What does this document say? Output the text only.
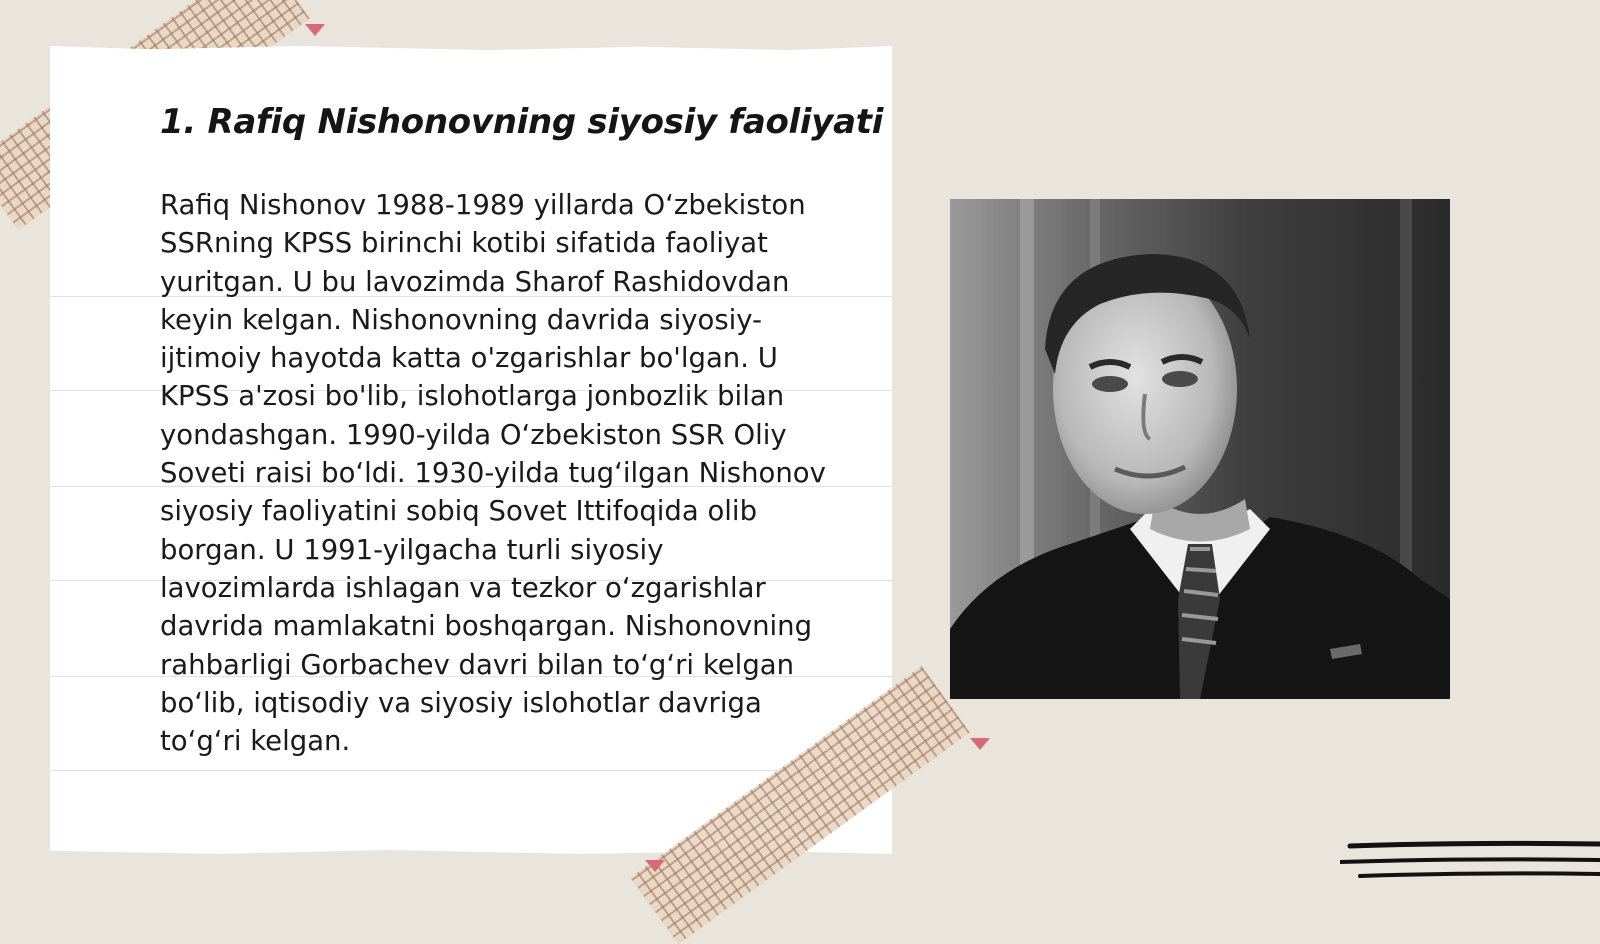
1. Rafiq Nishonovning siyosiy faoliyati

Rafiq Nishonov 1988-1989 yillarda O‘zbekiston SSRning KPSS birinchi kotibi sifatida faoliyat yuritgan. U bu lavozimda Sharof Rashidovdan keyin kelgan. Nishonovning davrida siyosiy-ijtimoiy hayotda katta o'zgarishlar bo'lgan. U KPSS a'zosi bo'lib, islohotlarga jonbozlik bilan yondashgan. 1990-yilda O‘zbekiston SSR Oliy Soveti raisi bo‘ldi. 1930-yilda tug‘ilgan Nishonov siyosiy faoliyatini sobiq Sovet Ittifoqida olib borgan. U 1991-yilgacha turli siyosiy lavozimlarda ishlagan va tezkor o‘zgarishlar davrida mamlakatni boshqargan. Nishonovning rahbarligi Gorbachev davri bilan to‘g‘ri kelgan bo‘lib, iqtisodiy va siyosiy islohotlar davriga to‘g‘ri kelgan.
